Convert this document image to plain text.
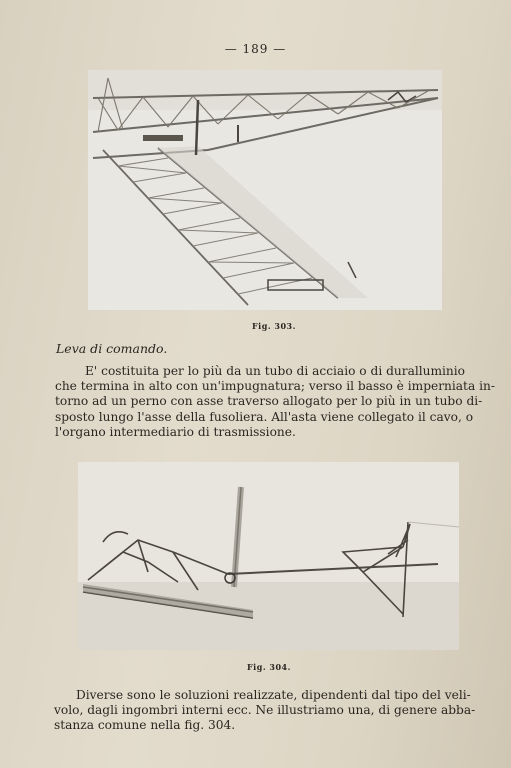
— 189 —
Fig. 303.
Leva di comando.

E' costituita per lo più da un tubo di acciaio o di duralluminio
che termina in alto con un'impugnatura; verso il basso è imperniata in-
torno ad un perno con asse traverso allogato per lo più in un tubo di-
sposto lungo l'asse della fusoliera. All'asta viene collegato il cavo, o
l'organo intermediario di trasmissione.

Fig. 304.

Diverse sono le soluzioni realizzate, dipendenti dal tipo del veli-
volo, dagli ingombri interni ecc. Ne illustriamo una, di genere abba-
stanza comune nella fig. 304.
